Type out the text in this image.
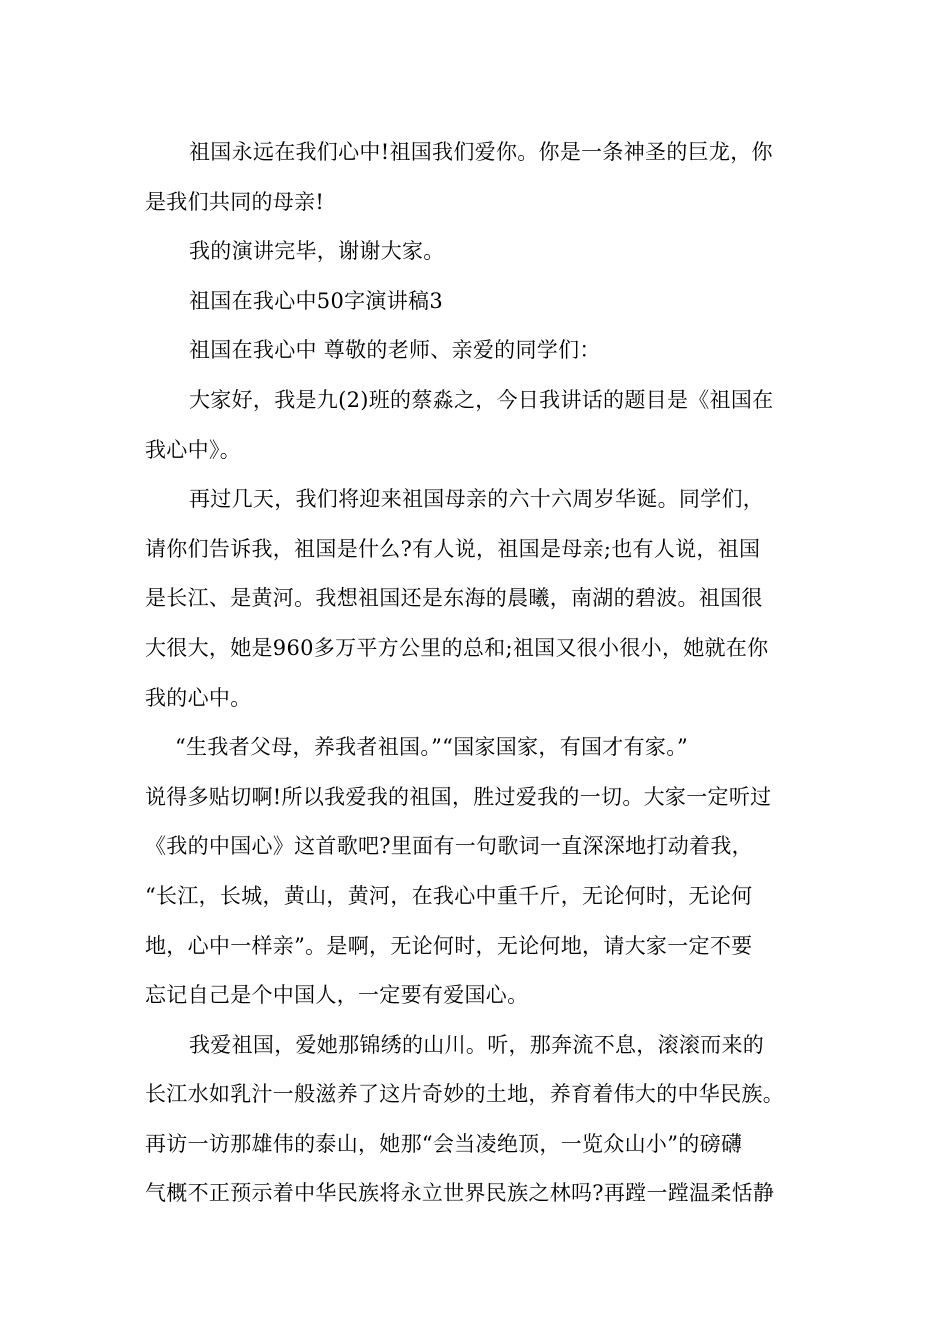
祖国永远在我们心中!祖国我们爱你。你是一条神圣的巨龙，你
是我们共同的母亲!

我的演讲完毕，谢谢大家。

祖国在我心中50字演讲稿3

祖国在我心中 尊敬的老师、亲爱的同学们：

大家好，我是九(2)班的蔡淼之，今日我讲话的题目是《祖国在
我心中》。

再过几天，我们将迎来祖国母亲的六十六周岁华诞。同学们，
请你们告诉我，祖国是什么?有人说，祖国是母亲;也有人说，祖国
是长江、是黄河。我想祖国还是东海的晨曦，南湖的碧波。祖国很
大很大，她是960多万平方公里的总和;祖国又很小很小，她就在你
我的心中。

“生我者父母，养我者祖国。”“国家国家，有国才有家。”
说得多贴切啊!所以我爱我的祖国，胜过爱我的一切。大家一定听过
《我的中国心》这首歌吧?里面有一句歌词一直深深地打动着我，
“长江，长城，黄山，黄河，在我心中重千斤，无论何时，无论何
地，心中一样亲”。是啊，无论何时，无论何地，请大家一定不要
忘记自己是个中国人，一定要有爱国心。

我爱祖国，爱她那锦绣的山川。听，那奔流不息，滚滚而来的
长江水如乳汁一般滋养了这片奇妙的土地，养育着伟大的中华民族。
再访一访那雄伟的泰山，她那“会当凌绝顶，一览众山小”的磅礴
气概不正预示着中华民族将永立世界民族之林吗?再蹚一蹚温柔恬静
